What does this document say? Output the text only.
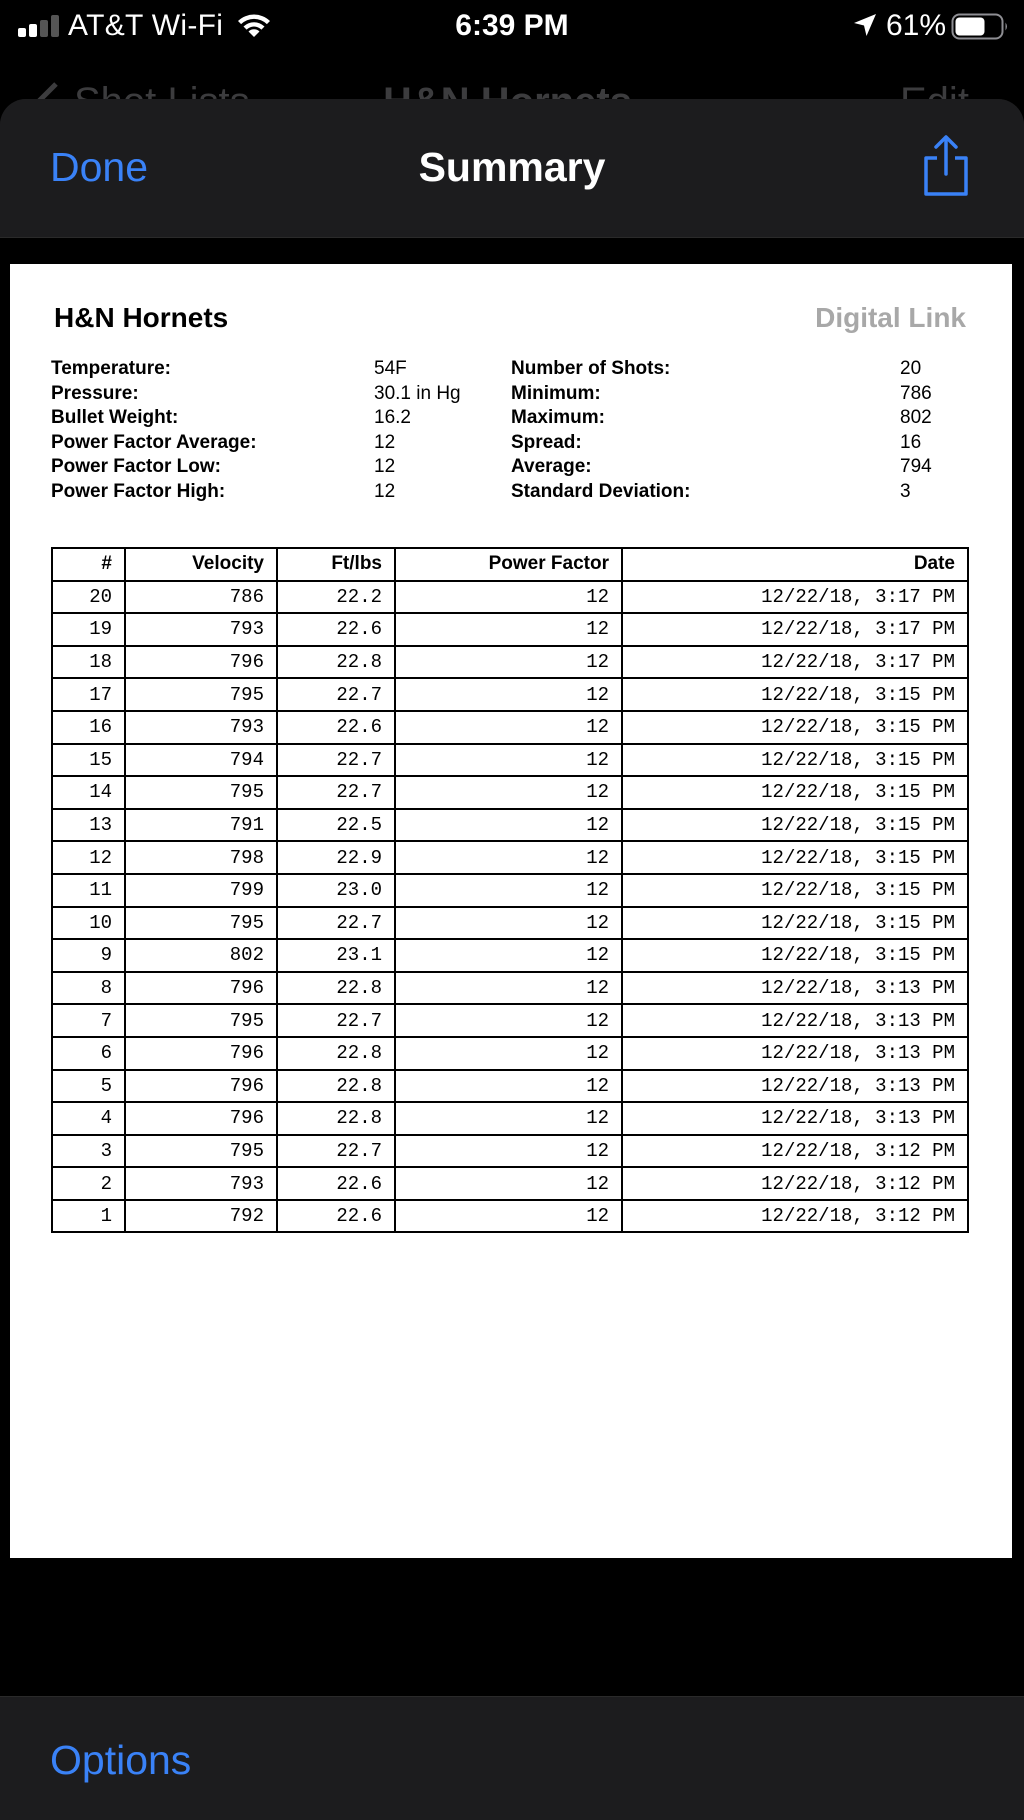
AT&T Wi-Fi	6:39 PM	61%
Done	Summary
H&N Hornets	Digital Link
Temperature:	54F
Pressure:	30.1 in Hg
Bullet Weight:	16.2
Power Factor Average:	12
Power Factor Low:	12
Power Factor High:	12
Number of Shots:	20
Minimum:	786
Maximum:	802
Spread:	16
Average:	794
Standard Deviation:	3
#	Velocity	Ft/lbs	Power Factor	Date
20	786	22.2	12	12/22/18, 3:17 PM
19	793	22.6	12	12/22/18, 3:17 PM
18	796	22.8	12	12/22/18, 3:17 PM
17	795	22.7	12	12/22/18, 3:15 PM
16	793	22.6	12	12/22/18, 3:15 PM
15	794	22.7	12	12/22/18, 3:15 PM
14	795	22.7	12	12/22/18, 3:15 PM
13	791	22.5	12	12/22/18, 3:15 PM
12	798	22.9	12	12/22/18, 3:15 PM
11	799	23.0	12	12/22/18, 3:15 PM
10	795	22.7	12	12/22/18, 3:15 PM
9	802	23.1	12	12/22/18, 3:15 PM
8	796	22.8	12	12/22/18, 3:13 PM
7	795	22.7	12	12/22/18, 3:13 PM
6	796	22.8	12	12/22/18, 3:13 PM
5	796	22.8	12	12/22/18, 3:13 PM
4	796	22.8	12	12/22/18, 3:13 PM
3	795	22.7	12	12/22/18, 3:12 PM
2	793	22.6	12	12/22/18, 3:12 PM
1	792	22.6	12	12/22/18, 3:12 PM
Options
